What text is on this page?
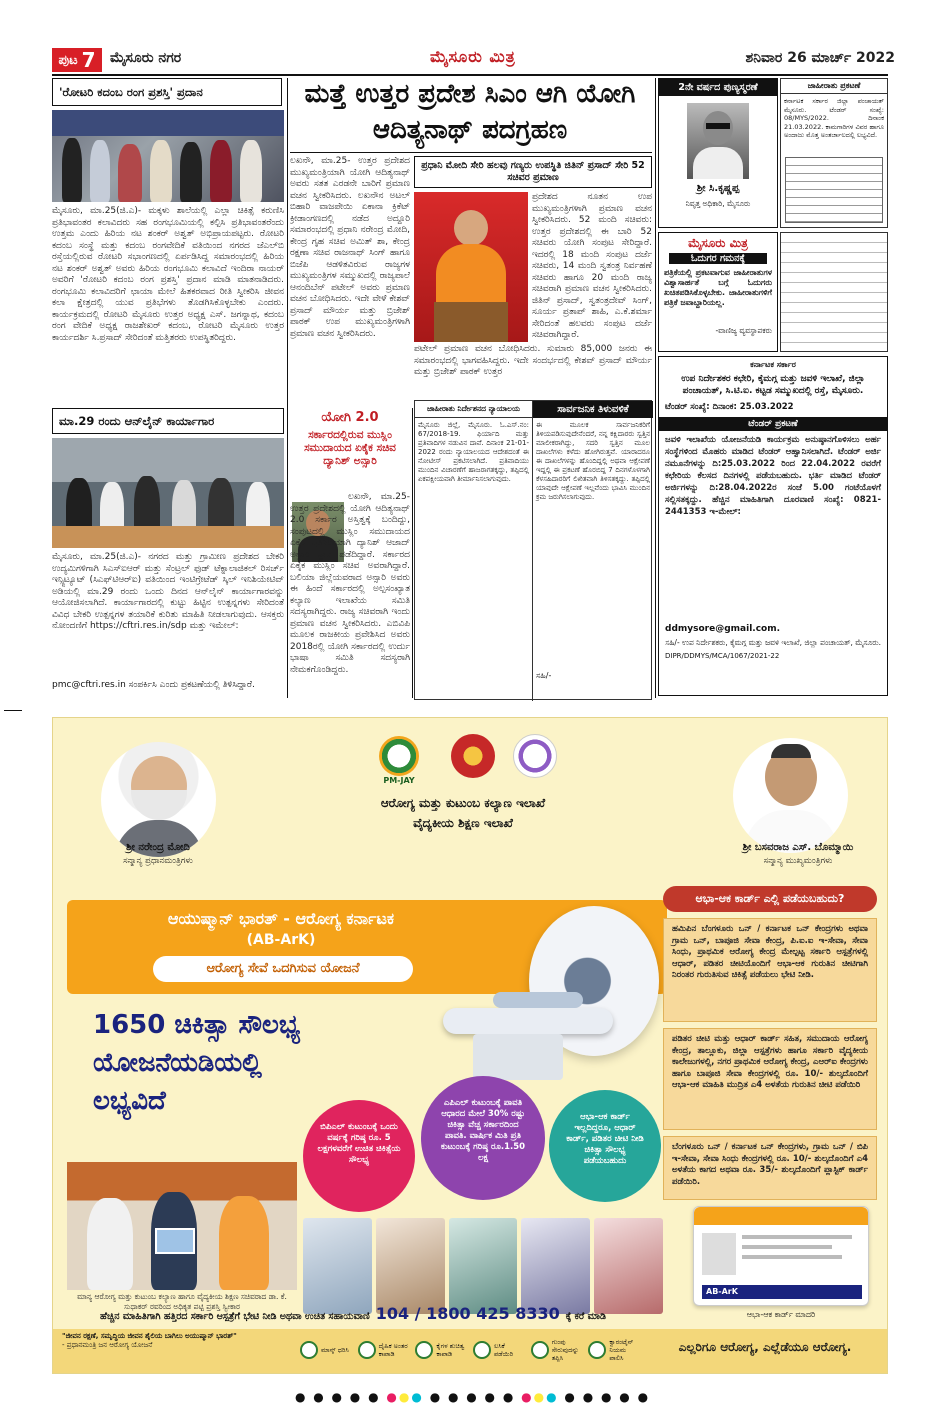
ಪುಟ 7 ಮೈಸೂರು ನಗರ	ಮೈಸೂರು ಮಿತ್ರ	ಶನಿವಾರ 26 ಮಾರ್ಚ್ 2022
'ರೋಟರಿ ಕದಂಬ ರಂಗ ಪ್ರಶಸ್ತಿ' ಪ್ರದಾನ
ಮೈಸೂರು, ಮಾ.25(ಜಿ.ಎ)- ಮಕ್ಕಳು ಶಾಲೆಯಲ್ಲಿ ಎಲ್ಲಾ ಚಿಕಿತ್ಸೆ ಕರುಣಿಸಿ ಪ್ರತಿಭಾವಂತರ ಕಲಾವಿದರು ಸಹ ರಂಗಭೂಮಿಯಲ್ಲಿ ಕಲ್ಪಿಸಿ ಪ್ರತಿಭಾವಂತರೆಂದು ಉತ್ತಮ ಎಂದು ಹಿರಿಯ ನಟ ಶಂಕರ್ ಅಶ್ವತ್ ಅಭಿಪ್ರಾಯಪಟ್ಟರು. ರೋಟರಿ ಕದಂಬ ಸಂಸ್ಥೆ ಮತ್ತು ಕದಂಬ ರಂಗವೇದಿಕೆ ವತಿಯಿಂದ ನಗರದ ಜೆಎಲ್‌ಬಿ ರಸ್ತೆಯಲ್ಲಿರುವ ರೋಟರಿ ಸಭಾಂಗಣದಲ್ಲಿ ಏರ್ಪಡಿಸಿದ್ದ ಸಮಾರಂಭದಲ್ಲಿ ಹಿರಿಯ ನಟ ಶಂಕರ್ ಅಶ್ವತ್ ಅವರು ಹಿರಿಯ ರಂಗಭೂಮಿ ಕಲಾವಿದೆ ಇಂದಿರಾ ನಾಯರ್ ಅವರಿಗೆ 'ರೋಟರಿ ಕದಂಬ ರಂಗ ಪ್ರಶಸ್ತಿ' ಪ್ರದಾನ ಮಾಡಿ ಮಾತನಾಡಿದರು. ರಂಗಭೂಮಿ ಕಲಾವಿದರಿಗೆ ಛಾಯಾ ಮೇಲೆ ಹಿತಕರವಾದ ರೀತಿ ಸ್ವೀಕರಿಸಿ ಜೀವನ ಕಲಾ ಕ್ಷೇತ್ರದಲ್ಲಿ ಯುವ ಪ್ರತಿಭೆಗಳು ತೊಡಗಿಸಿಕೊಳ್ಳಬೇಕು ಎಂದರು. ಕಾರ್ಯಕ್ರಮದಲ್ಲಿ ರೋಟರಿ ಮೈಸೂರು ಉತ್ತರ ಅಧ್ಯಕ್ಷ ಎಸ್. ಜಗನ್ನಾಥ, ಕದಂಬ ರಂಗ ವೇದಿಕೆ ಅಧ್ಯಕ್ಷ ರಾಜಶೇಖರ್ ಕದಂಬ, ರೋಟರಿ ಮೈಸೂರು ಉತ್ತರ ಕಾರ್ಯದರ್ಶಿ ಸಿ.ಪ್ರಸಾದ್ ಸೇರಿದಂತೆ ಮತ್ತಿತರರು ಉಪಸ್ಥಿತರಿದ್ದರು.
ಮಾ.29 ರಂದು ಆನ್‌ಲೈನ್ ಕಾರ್ಯಾಗಾರ
ಮೈಸೂರು, ಮಾ.25(ಜಿ.ಎ)- ನಗರದ ಮತ್ತು ಗ್ರಾಮೀಣ ಪ್ರದೇಶದ ಬೇಕರಿ ಉದ್ಯಮಿಗಳಿಗಾಗಿ ಸಿಎಸ್ಐಆರ್ ಮತ್ತು ಸೆಂಟ್ರಲ್ ಫುಡ್ ಟೆಕ್ನಾಲಾಜಿಕಲ್ ರಿಸರ್ಚ್ ಇನ್ಸ್ಟಿಟ್ಯೂಟ್ (ಸಿಎಫ್‌ಟಿಆರ್‌ಐ) ವತಿಯಿಂದ ಇಂಟಿಗ್ರೇಟೆಡ್ ಸ್ಕಿಲ್ ಇನಿಶಿಯೇಟಿವ್ ಅಡಿಯಲ್ಲಿ ಮಾ.29 ರಂದು ಒಂದು ದಿನದ ಆನ್‌ಲೈನ್ ಕಾರ್ಯಾಗಾರವನ್ನು ಆಯೋಜಿಸಲಾಗಿದೆ. ಕಾರ್ಯಾಗಾರದಲ್ಲಿ ಕುಟ್ಟು ಹಿಟ್ಟಿನ ಉತ್ಪನ್ನಗಳು ಸೇರಿದಂತೆ ವಿವಿಧ ಬೇಕರಿ ಉತ್ಪನ್ನಗಳ ತಯಾರಿಕೆ ಕುರಿತು ಮಾಹಿತಿ ನೀಡಲಾಗುವುದು. ಆಸಕ್ತರು ನೋಂದಣಿಗೆ https://cftri.res.in/sdp ಮತ್ತು ಇಮೇಲ್:
pmc@cftri.res.in ಸಂಪರ್ಕಿಸಿ ಎಂದು ಪ್ರಕಟಣೆಯಲ್ಲಿ ತಿಳಿಸಿದ್ದಾರೆ.
ಮತ್ತೆ ಉತ್ತರ ಪ್ರದೇಶ ಸಿಎಂ ಆಗಿ ಯೋಗಿ ಆದಿತ್ಯನಾಥ್ ಪದಗ್ರಹಣ
ಲಖನೌ, ಮಾ.25- ಉತ್ತರ ಪ್ರದೇಶದ ಮುಖ್ಯಮಂತ್ರಿಯಾಗಿ ಯೋಗಿ ಆದಿತ್ಯನಾಥ್ ಅವರು ಸತತ ಎರಡನೇ ಬಾರಿಗೆ ಪ್ರಮಾಣ ವಚನ ಸ್ವೀಕರಿಸಿದರು. ಲಖನೌನ ಅಟಲ್ ಬಿಹಾರಿ ವಾಜಪೇಯಿ ಏಕಾನಾ ಕ್ರಿಕೆಟ್ ಕ್ರೀಡಾಂಗಣದಲ್ಲಿ ನಡೆದ ಅದ್ದೂರಿ ಸಮಾರಂಭದಲ್ಲಿ ಪ್ರಧಾನಿ ನರೇಂದ್ರ ಮೋದಿ, ಕೇಂದ್ರ ಗೃಹ ಸಚಿವ ಅಮಿತ್ ಶಾ, ಕೇಂದ್ರ ರಕ್ಷಣಾ ಸಚಿವ ರಾಜನಾಥ್ ಸಿಂಗ್ ಹಾಗೂ ಬಿಜೆಪಿ ಆಡಳಿತವಿರುವ ರಾಜ್ಯಗಳ ಮುಖ್ಯಮಂತ್ರಿಗಳ ಸಮ್ಮುಖದಲ್ಲಿ ರಾಜ್ಯಪಾಲೆ ಆನಂದಿಬೆನ್ ಪಟೇಲ್ ಅವರು ಪ್ರಮಾಣ ವಚನ ಬೋಧಿಸಿದರು. ಇದೇ ವೇಳೆ ಕೇಶವ್ ಪ್ರಸಾದ್ ಮೌರ್ಯ ಮತ್ತು ಬ್ರಿಜೇಶ್ ಪಾಠಕ್ ಉಪ ಮುಖ್ಯಮಂತ್ರಿಗಳಾಗಿ ಪ್ರಮಾಣ ವಚನ ಸ್ವೀಕರಿಸಿದರು.
ಪ್ರಧಾನಿ ಮೋದಿ ಸೇರಿ ಹಲವು ಗಣ್ಯರು ಉಪಸ್ಥಿತಿ ಜಿತಿನ್ ಪ್ರಸಾದ್ ಸೇರಿ 52 ಸಚಿವರ ಪ್ರಮಾಣ
ಪ್ರದೇಶದ ನೂತನ ಉಪ ಮುಖ್ಯಮಂತ್ರಿಗಳಾಗಿ ಪ್ರಮಾಣ ವಚನ ಸ್ವೀಕರಿಸಿದರು. 52 ಮಂದಿ ಸಚಿವರು: ಉತ್ತರ ಪ್ರದೇಶದಲ್ಲಿ ಈ ಬಾರಿ 52 ಸಚಿವರು ಯೋಗಿ ಸಂಪುಟ ಸೇರಿದ್ದಾರೆ. ಇದರಲ್ಲಿ 18 ಮಂದಿ ಸಂಪುಟ ದರ್ಜೆ ಸಚಿವರು, 14 ಮಂದಿ ಸ್ವತಂತ್ರ ನಿರ್ವಹಣೆ ಸಚಿವರು ಹಾಗೂ 20 ಮಂದಿ ರಾಜ್ಯ ಸಚಿವರಾಗಿ ಪ್ರಮಾಣ ವಚನ ಸ್ವೀಕರಿಸಿದರು. ಜಿತಿನ್ ಪ್ರಸಾದ್, ಸ್ವತಂತ್ರದೇವ್ ಸಿಂಗ್, ಸೂರ್ಯ ಪ್ರತಾಪ್ ಶಾಹಿ, ಎ.ಕೆ.ಶರ್ಮಾ ಸೇರಿದಂತೆ ಹಲವರು ಸಂಪುಟ ದರ್ಜೆ ಸಚಿವರಾಗಿದ್ದಾರೆ.
ಪಟೇಲ್ ಪ್ರಮಾಣ ವಚನ ಬೋಧಿಸಿದರು. ಸುಮಾರು 85,000 ಜನರು ಈ ಸಮಾರಂಭದಲ್ಲಿ ಭಾಗವಹಿಸಿದ್ದರು. ಇದೇ ಸಂದರ್ಭದಲ್ಲಿ ಕೇಶವ್ ಪ್ರಸಾದ್ ಮೌರ್ಯ ಮತ್ತು ಬ್ರಿಜೇಶ್ ಪಾಠಕ್ ಉತ್ತರ
ಯೋಗಿ 2.0
ಸರ್ಕಾರದಲ್ಲಿರುವ ಮುಸ್ಲಿಂ ಸಮುದಾಯದ ಏಕೈಕ ಸಚಿವ ದ್ಯಾನಿಶ್ ಅನ್ಸಾರಿ
ಲಖನೌ, ಮಾ.25- ಉತ್ತರ ಪ್ರದೇಶದಲ್ಲಿ ಯೋಗಿ ಆದಿತ್ಯನಾಥ್ 2.0 ಸರ್ಕಾರ ಅಸ್ತಿತ್ವಕ್ಕೆ ಬಂದಿದ್ದು, ಸಂಪುಟದಲ್ಲಿ ಮುಸ್ಲಿಂ ಸಮುದಾಯದ ಏಕೈಕ ಪ್ರತಿನಿಧಿಯಾಗಿ ದ್ಯಾನಿಶ್ ಆಜಾದ್ ಅನ್ಸಾರಿ ಸ್ಥಾನ ಪಡೆದಿದ್ದಾರೆ. ಸರ್ಕಾರದ ಏಕೈಕ ಮುಸ್ಲಿಂ ಸಚಿವ ಅವರಾಗಿದ್ದಾರೆ. ಬಲಿಯಾ ಜಿಲ್ಲೆಯವರಾದ ಅನ್ಸಾರಿ ಅವರು ಈ ಹಿಂದೆ ಸರ್ಕಾರದಲ್ಲಿ ಅಲ್ಪಸಂಖ್ಯಾತ ಕಲ್ಯಾಣ ಇಲಾಖೆಯ ಸಮಿತಿ ಸದಸ್ಯರಾಗಿದ್ದರು. ರಾಜ್ಯ ಸಚಿವರಾಗಿ ಇಂದು ಪ್ರಮಾಣ ವಚನ ಸ್ವೀಕರಿಸಿದರು. ಎಬಿವಿಪಿ ಮೂಲಕ ರಾಜಕೀಯ ಪ್ರವೇಶಿಸಿದ ಅವರು 2018ರಲ್ಲಿ ಯೋಗಿ ಸರ್ಕಾರದಲ್ಲಿ ಉರ್ದು ಭಾಷಾ ಸಮಿತಿ ಸದಸ್ಯರಾಗಿ ನೇಮಕಗೊಂಡಿದ್ದರು.
ಜಾಹೀರಾತು ನಿರ್ದೇಶನದ ನ್ಯಾಯಾಲಯ
ಮೈಸೂರು ಜಿಲ್ಲೆ, ಮೈಸೂರು. ಓ.ಎಸ್.ನಂ: 67/2018-19. ಫಿರ್ಯಾದಿ ಮತ್ತು ಪ್ರತಿವಾದಿಗಳ ನಡುವಿನ ದಾವೆ. ದಿನಾಂಕ 21-01-2022 ರಂದು ನ್ಯಾಯಾಲಯದ ಆದೇಶದಂತೆ ಈ ನೋಟೀಸ್ ಪ್ರಕಟಿಸಲಾಗಿದೆ. ಪ್ರತಿವಾದಿಯು ಮುಂದಿನ ವಿಚಾರಣೆಗೆ ಹಾಜರಾಗತಕ್ಕದ್ದು, ತಪ್ಪಿದಲ್ಲಿ ಏಕಪಕ್ಷೀಯವಾಗಿ ತೀರ್ಮಾನಿಸಲಾಗುವುದು.
ಸಾರ್ವಜನಿಕ ತಿಳುವಳಿಕೆ
ಈ ಮೂಲಕ ಸಾರ್ವಜನಿಕರಿಗೆ ತಿಳಿಯಪಡಿಸುವುದೇನೆಂದರೆ, ನನ್ನ ಕಕ್ಷಿದಾರರು ಸ್ವತ್ತಿನ ಮಾಲೀಕರಾಗಿದ್ದು, ಸದರಿ ಸ್ವತ್ತಿನ ಮೂಲ ದಾಖಲೆಗಳು ಕಳೆದು ಹೋಗಿರುತ್ತವೆ. ಯಾರಾದರೂ ಈ ದಾಖಲೆಗಳನ್ನು ಹೊಂದಿದ್ದಲ್ಲಿ ಅಥವಾ ಆಕ್ಷೇಪಣೆ ಇದ್ದಲ್ಲಿ ಈ ಪ್ರಕಟಣೆ ಹೊರಬಿದ್ದ 7 ದಿನಗಳೊಳಗಾಗಿ ಕೆಳಸಹಿದಾರರಿಗೆ ಲಿಖಿತವಾಗಿ ತಿಳಿಸತಕ್ಕದ್ದು. ತಪ್ಪಿದಲ್ಲಿ ಯಾವುದೇ ಆಕ್ಷೇಪಣೆ ಇಲ್ಲವೆಂದು ಭಾವಿಸಿ ಮುಂದಿನ ಕ್ರಮ ಜರುಗಿಸಲಾಗುವುದು.
ಸಹಿ/-
2ನೇ ವರ್ಷದ ಪುಣ್ಯಸ್ಮರಣೆ
ಶ್ರೀ ಸಿ.ಕೃಷ್ಣಪ್ಪ
ನಿವೃತ್ತ ಅಧಿಕಾರಿ, ಮೈಸೂರು
ಜಾಹೀರಾತು ಪ್ರಕಟಣೆ
ಕರ್ನಾಟಕ ಸರ್ಕಾರ ಜಿಲ್ಲಾ ಪಂಚಾಯತ್ ಮೈಸೂರು. ಟೆಂಡರ್ ಸಂಖ್ಯೆ: 08/MYS/2022. ದಿನಾಂಕ 21.03.2022. ಕಾಮಗಾರಿಗಳ ವಿವರ ಹಾಗೂ ಅಂದಾಜು ಮೊತ್ತ ಅಂತರ್ಜಾಲದಲ್ಲಿ ಲಭ್ಯವಿದೆ.
ಮೈಸೂರು ಮಿತ್ರ
ಓದುಗರ ಗಮನಕ್ಕೆ
ಪತ್ರಿಕೆಯಲ್ಲಿ ಪ್ರಕಟವಾಗುವ ಜಾಹೀರಾತುಗಳ ವಿಶ್ವಾಸಾರ್ಹತೆ ಬಗ್ಗೆ ಓದುಗರು ಖಚಿತಪಡಿಸಿಕೊಳ್ಳಬೇಕು. ಜಾಹೀರಾತುಗಳಿಗೆ ಪತ್ರಿಕೆ ಜವಾಬ್ದಾರಿಯಲ್ಲ.
-ವಾಣಿಜ್ಯ ವ್ಯವಸ್ಥಾಪಕರು
ಕರ್ನಾಟಕ ಸರ್ಕಾರ
ಉಪ ನಿರ್ದೇಶಕರ ಕಛೇರಿ, ಕೈಮಗ್ಗ ಮತ್ತು ಜವಳಿ ಇಲಾಖೆ, ಜಿಲ್ಲಾ ಪಂಚಾಯತ್, ಸಿ.ಟಿ.ಐ. ಕಟ್ಟಡ ಸಮ್ಮುಖದಲ್ಲಿ ರಸ್ತೆ, ಮೈಸೂರು.
ಟೆಂಡರ್ ಸಂಖ್ಯೆ: ದಿನಾಂಕ: 25.03.2022
ಟೆಂಡರ್ ಪ್ರಕಟಣೆ
ಜವಳಿ ಇಲಾಖೆಯ ಯೋಜನೆಯಡಿ ಕಾರ್ಯಕ್ರಮ ಅನುಷ್ಠಾನಗೊಳಿಸಲು ಅರ್ಹ ಸಂಸ್ಥೆಗಳಿಂದ ಮೊಹರು ಮಾಡಿದ ಟೆಂಡರ್ ಆಹ್ವಾನಿಸಲಾಗಿದೆ. ಟೆಂಡರ್ ಅರ್ಜಿ ನಮೂನೆಗಳನ್ನು ದಿ:25.03.2022 ರಿಂದ 22.04.2022 ರವರೆಗೆ ಕಛೇರಿಯ ಕೆಲಸದ ದಿನಗಳಲ್ಲಿ ಪಡೆಯಬಹುದು. ಭರ್ತಿ ಮಾಡಿದ ಟೆಂಡರ್ ಅರ್ಜಿಗಳನ್ನು ದಿ:28.04.2022ರ ಸಂಜೆ 5.00 ಗಂಟೆಯೊಳಗೆ ಸಲ್ಲಿಸತಕ್ಕದ್ದು. ಹೆಚ್ಚಿನ ಮಾಹಿತಿಗಾಗಿ ದೂರವಾಣಿ ಸಂಖ್ಯೆ: 0821-2441353 ಇ-ಮೇಲ್:
ddmysore@gmail.com.
ಸಹಿ/- ಉಪ ನಿರ್ದೇಶಕರು, ಕೈಮಗ್ಗ ಮತ್ತು ಜವಳಿ ಇಲಾಖೆ, ಜಿಲ್ಲಾ ಪಂಚಾಯತ್, ಮೈಸೂರು.
DIPR/DDMYS/MCA/1067/2021-22
ಶ್ರೀ ನರೇಂದ್ರ ಮೋದಿ
ಸನ್ಮಾನ್ಯ ಪ್ರಧಾನಮಂತ್ರಿಗಳು
PM-JAY
ಆರೋಗ್ಯ ಮತ್ತು ಕುಟುಂಬ ಕಲ್ಯಾಣ ಇಲಾಖೆ
ವೈದ್ಯಕೀಯ ಶಿಕ್ಷಣ ಇಲಾಖೆ
ಶ್ರೀ ಬಸವರಾಜ ಎಸ್. ಬೊಮ್ಮಾಯಿ
ಸನ್ಮಾನ್ಯ ಮುಖ್ಯಮಂತ್ರಿಗಳು
ಆಯುಷ್ಮಾನ್ ಭಾರತ್ - ಆರೋಗ್ಯ ಕರ್ನಾಟಕ
(AB-ArK)
ಆರೋಗ್ಯ ಸೇವೆ ಒದಗಿಸುವ ಯೋಜನೆ
1650 ಚಿಕಿತ್ಸಾ ಸೌಲಭ್ಯ
ಯೋಜನೆಯಡಿಯಲ್ಲಿ
ಲಭ್ಯವಿದೆ
ಬಿಪಿಎಲ್ ಕುಟುಂಬಕ್ಕೆ ಒಂದು ವರ್ಷಕ್ಕೆ ಗರಿಷ್ಠ ರೂ. 5 ಲಕ್ಷಗಳವರೆಗೆ ಉಚಿತ ಚಿಕಿತ್ಸೆಯ ಸೌಲಭ್ಯ
ಎಪಿಎಲ್ ಕುಟುಂಬಕ್ಕೆ ಪಾವತಿ ಆಧಾರದ ಮೇಲೆ 30% ರಷ್ಟು ಚಿಕಿತ್ಸಾ ವೆಚ್ಚ ಸರ್ಕಾರದಿಂದ ಪಾವತಿ. ವಾರ್ಷಿಕ ಮಿತಿ ಪ್ರತಿ ಕುಟುಂಬಕ್ಕೆ ಗರಿಷ್ಠ ರೂ.1.50 ಲಕ್ಷ
ಆಭಾ-ಆಕ ಕಾರ್ಡ್ ಇಲ್ಲದಿದ್ದರೂ, ಆಧಾರ್ ಕಾರ್ಡ್, ಪಡಿತರ ಚೀಟಿ ನೀಡಿ ಚಿಕಿತ್ಸಾ ಸೌಲಭ್ಯ ಪಡೆಯಬಹುದು
ಮಾನ್ಯ ಆರೋಗ್ಯ ಮತ್ತು ಕುಟುಂಬ ಕಲ್ಯಾಣ ಹಾಗೂ ವೈದ್ಯಕೀಯ ಶಿಕ್ಷಣ ಸಚಿವರಾದ ಡಾ. ಕೆ. ಸುಧಾಕರ್ ರವರಿಂದ ಅಧಿಕೃತ ಪಟ್ಟಿ ಪ್ರಶಸ್ತಿ ಸ್ವೀಕಾರ
ಆಭಾ-ಆಕ ಕಾರ್ಡ್ ಎಲ್ಲಿ ಪಡೆಯಬಹುದು?
ಹಮಿಪಿನ ಬೆಂಗಳೂರು ಒನ್ / ಕರ್ನಾಟಕ ಒನ್ ಕೇಂದ್ರಗಳು ಅಥವಾ ಗ್ರಾಮ ಒನ್, ಬಾಪೂಜಿ ಸೇವಾ ಕೇಂದ್ರ, ಪಿ.ಐ.ಐ ಇ-ಸೇವಾ, ಸೇವಾ ಸಿಂಧು, ಪ್ರಾಥಮಿಕ ಆರೋಗ್ಯ ಕೇಂದ್ರ ಮೇಲ್ಪಟ್ಟ ಸರ್ಕಾರಿ ಆಸ್ಪತ್ರೆಗಳಲ್ಲಿ ಆಧಾರ್, ಪಡಿತರ ಚೀಟಿಯೊಂದಿಗೆ ಆಭಾ-ಆಕ ಗುರುತಿನ ಚೀಟಿಗಾಗಿ ನಿರಂತರ ಗುರುತಿಸುವ ಚಿಕಿತ್ಸೆ ಪಡೆಯಲು ಭೇಟಿ ನೀಡಿ.
ಪಡಿತರ ಚೀಟಿ ಮತ್ತು ಆಧಾರ್ ಕಾರ್ಡ್ ಸಹಿತ, ಸಮುದಾಯ ಆರೋಗ್ಯ ಕೇಂದ್ರ, ತಾಲ್ಲೂಕು, ಜಿಲ್ಲಾ ಆಸ್ಪತ್ರೆಗಳು ಹಾಗೂ ಸರ್ಕಾರಿ ವೈದ್ಯಕೀಯ ಕಾಲೇಜುಗಳಲ್ಲಿ, ನಗರ ಪ್ರಾಥಮಿಕ ಆರೋಗ್ಯ ಕೇಂದ್ರ, ಎಆರ್‌ಐ ಕೇಂದ್ರಗಳು ಹಾಗೂ ಬಾಪೂಜಿ ಸೇವಾ ಕೇಂದ್ರಗಳಲ್ಲಿ ರೂ. 10/- ಶುಲ್ಕದೊಂದಿಗೆ ಆಭಾ-ಆಕ ಮಾಹಿತಿ ಮುದ್ರಿತ ಎ4 ಅಳತೆಯ ಗುರುತಿನ ಚೀಟಿ ಪಡೆಯಿರಿ
ಬೆಂಗಳೂರು ಒನ್ / ಕರ್ನಾಟಕ ಒನ್ ಕೇಂದ್ರಗಳು, ಗ್ರಾಮ ಒನ್ / ಬಿಪಿ ಇ-ಸೇವಾ, ಸೇವಾ ಸಿಂಧು ಕೇಂದ್ರಗಳಲ್ಲಿ ರೂ. 10/- ಶುಲ್ಕದೊಂದಿಗೆ ಎ4 ಅಳತೆಯ ಕಾಗದ ಅಥವಾ ರೂ. 35/- ಶುಲ್ಕದೊಂದಿಗೆ ಪ್ಲಾಸ್ಟಿಕ್ ಕಾರ್ಡ್ ಪಡೆಯಿರಿ.
AB-ArK
ಆಭಾ-ಆಕ ಕಾರ್ಡ್ ಮಾದರಿ
ಹೆಚ್ಚಿನ ಮಾಹಿತಿಗಾಗಿ ಹತ್ತಿರದ ಸರ್ಕಾರಿ ಆಸ್ಪತ್ರೆಗೆ ಭೇಟಿ ನೀಡಿ ಅಥವಾ ಉಚಿತ ಸಹಾಯವಾಣಿ 104 / 1800 425 8330 ಕ್ಕೆ ಕರೆ ಮಾಡಿ
"ಜೀವನ ರಕ್ಷಣೆ, ಸಮೃದ್ಧಿಯ ಜೀವನ ಶೈಲಿಯ ಬಾಗಿಲು ಅಯುಷ್ಮಾನ್ ಭಾರತ್"
- ಪ್ರಧಾನಮಂತ್ರಿ ಜನ ಆರೋಗ್ಯ ಯೋಜನೆ
ಮಾಸ್ಕ್ ಧರಿಸಿ	ದೈಹಿಕ ಅಂತರ ಕಾಪಾಡಿ
ಕೈಗಳ ಶುಚಿತ್ವ ಕಾಪಾಡಿ
ಲಸಿಕೆ ಪಡೆಯಿರಿ
ಗುಂಪು ಸೇರುವುದನ್ನು ತಪ್ಪಿಸಿ
ಕ್ವಾರಂಟೈನ್ ನಿಯಮ ಪಾಲಿಸಿ
ಎಲ್ಲರಿಗೂ ಆರೋಗ್ಯ, ಎಲ್ಲೆಡೆಯೂ ಆರೋಗ್ಯ.
● ● ● ● ● ●●● ● ● ● ● ● ●●● ● ● ● ● ●
